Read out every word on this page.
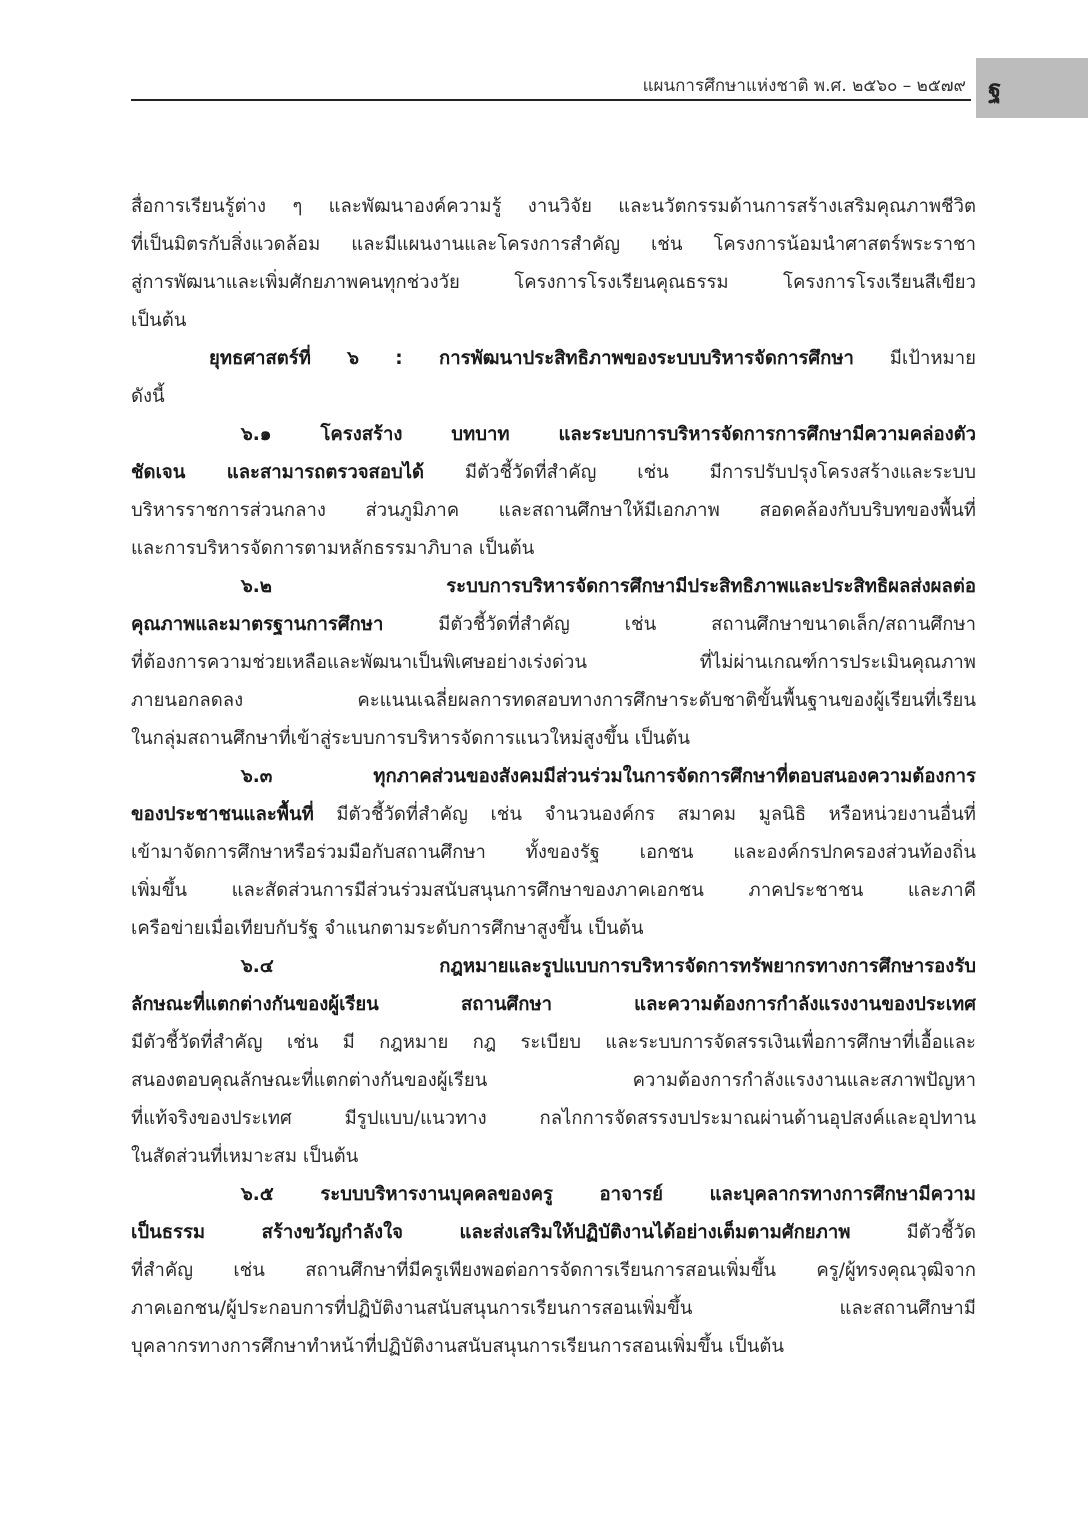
แผนการศึกษาแห่งชาติ พ.ศ. ๒๕๖๐ – ๒๕๗๙ ฐ
สื่อการเรียนรู้ต่าง ๆ และพัฒนาองค์ความรู้ งานวิจัย และนวัตกรรมด้านการสร้างเสริมคุณภาพชีวิต
ที่เป็นมิตรกับสิ่งแวดล้อม และมีแผนงานและโครงการสำคัญ เช่น โครงการน้อมนำศาสตร์พระราชา
สู่การพัฒนาและเพิ่มศักยภาพคนทุกช่วงวัย โครงการโรงเรียนคุณธรรม โครงการโรงเรียนสีเขียว
เป็นต้น
ยุทธศาสตร์ที่ ๖ : การพัฒนาประสิทธิภาพของระบบบริหารจัดการศึกษา มีเป้าหมาย
ดังนี้
๖.๑ โครงสร้าง บทบาท และระบบการบริหารจัดการการศึกษามีความคล่องตัว
ชัดเจน และสามารถตรวจสอบได้ มีตัวชี้วัดที่สำคัญ เช่น มีการปรับปรุงโครงสร้างและระบบ
บริหารราชการส่วนกลาง ส่วนภูมิภาค และสถานศึกษาให้มีเอกภาพ สอดคล้องกับบริบทของพื้นที่
และการบริหารจัดการตามหลักธรรมาภิบาล เป็นต้น
๖.๒ ระบบการบริหารจัดการศึกษามีประสิทธิภาพและประสิทธิผลส่งผลต่อ
คุณภาพและมาตรฐานการศึกษา มีตัวชี้วัดที่สำคัญ เช่น สถานศึกษาขนาดเล็ก/สถานศึกษา
ที่ต้องการความช่วยเหลือและพัฒนาเป็นพิเศษอย่างเร่งด่วน ที่ไม่ผ่านเกณฑ์การประเมินคุณภาพ
ภายนอกลดลง คะแนนเฉลี่ยผลการทดสอบทางการศึกษาระดับชาติขั้นพื้นฐานของผู้เรียนที่เรียน
ในกลุ่มสถานศึกษาที่เข้าสู่ระบบการบริหารจัดการแนวใหม่สูงขึ้น เป็นต้น
๖.๓ ทุกภาคส่วนของสังคมมีส่วนร่วมในการจัดการศึกษาที่ตอบสนองความต้องการ
ของประชาชนและพื้นที่ มีตัวชี้วัดที่สำคัญ เช่น จำนวนองค์กร สมาคม มูลนิธิ หรือหน่วยงานอื่นที่
เข้ามาจัดการศึกษาหรือร่วมมือกับสถานศึกษา ทั้งของรัฐ เอกชน และองค์กรปกครองส่วนท้องถิ่น
เพิ่มขึ้น และสัดส่วนการมีส่วนร่วมสนับสนุนการศึกษาของภาคเอกชน ภาคประชาชน และภาคี
เครือข่ายเมื่อเทียบกับรัฐ จำแนกตามระดับการศึกษาสูงขึ้น เป็นต้น
๖.๔ กฎหมายและรูปแบบการบริหารจัดการทรัพยากรทางการศึกษารองรับ
ลักษณะที่แตกต่างกันของผู้เรียน สถานศึกษา และความต้องการกำลังแรงงานของประเทศ
มีตัวชี้วัดที่สำคัญ เช่น มี กฎหมาย กฎ ระเบียบ และระบบการจัดสรรเงินเพื่อการศึกษาที่เอื้อและ
สนองตอบคุณลักษณะที่แตกต่างกันของผู้เรียน ความต้องการกำลังแรงงานและสภาพปัญหา
ที่แท้จริงของประเทศ มีรูปแบบ/แนวทาง กลไกการจัดสรรงบประมาณผ่านด้านอุปสงค์และอุปทาน
ในสัดส่วนที่เหมาะสม เป็นต้น
๖.๕ ระบบบริหารงานบุคคลของครู อาจารย์ และบุคลากรทางการศึกษามีความ
เป็นธรรม สร้างขวัญกำลังใจ และส่งเสริมให้ปฏิบัติงานได้อย่างเต็มตามศักยภาพ มีตัวชี้วัด
ที่สำคัญ เช่น สถานศึกษาที่มีครูเพียงพอต่อการจัดการเรียนการสอนเพิ่มขึ้น ครู/ผู้ทรงคุณวุฒิจาก
ภาคเอกชน/ผู้ประกอบการที่ปฏิบัติงานสนับสนุนการเรียนการสอนเพิ่มขึ้น และสถานศึกษามี
บุคลากรทางการศึกษาทำหน้าที่ปฏิบัติงานสนับสนุนการเรียนการสอนเพิ่มขึ้น เป็นต้น
